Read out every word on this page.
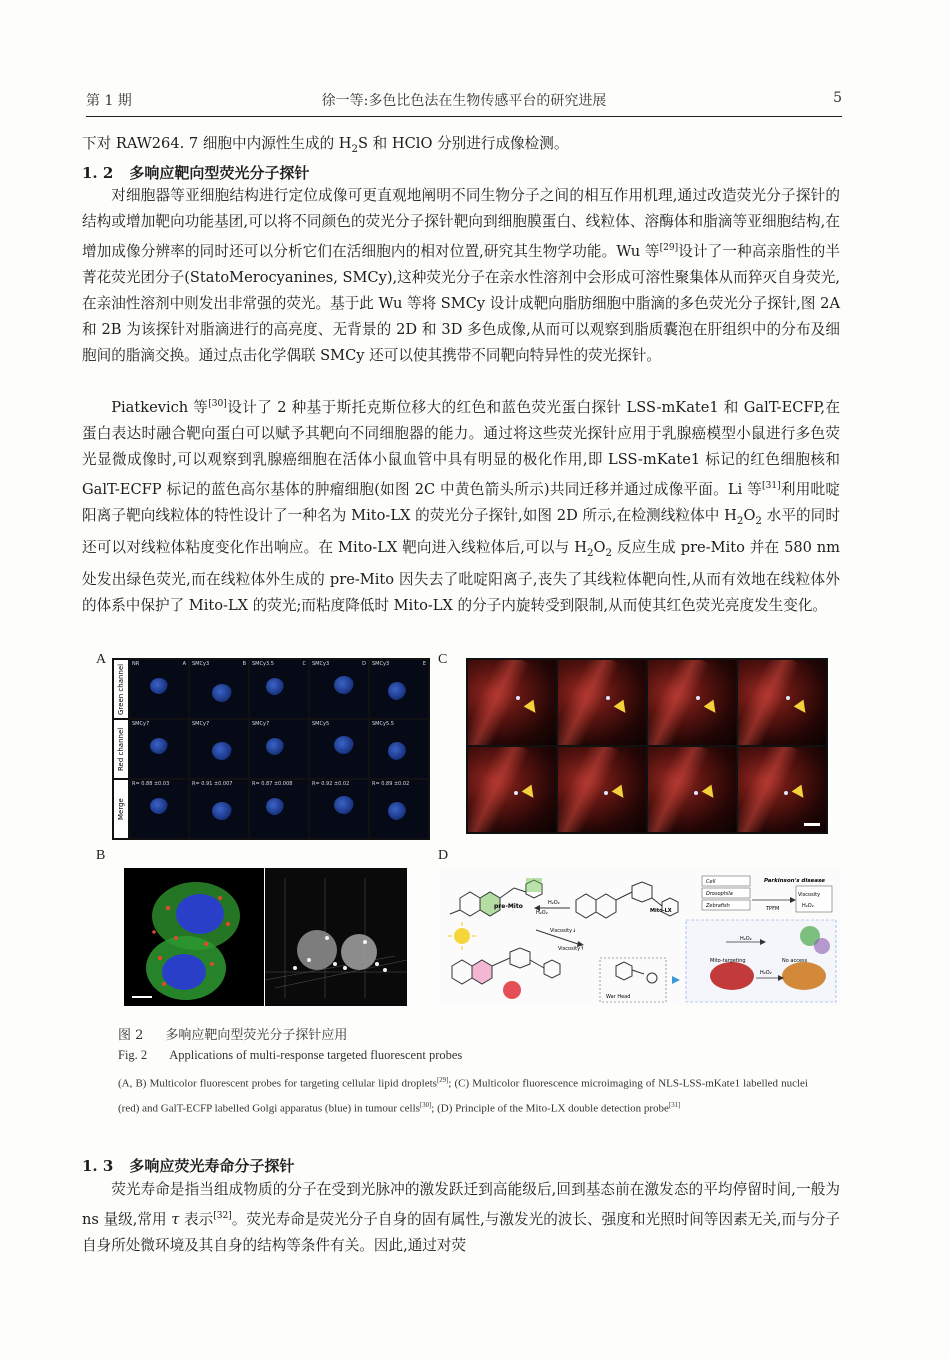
第 1 期	徐一等:多色比色法在生物传感平台的研究进展	5

下对 RAW264. 7 细胞中内源性生成的 $H_2S$ 和 HClO 分别进行成像检测。

1. 2 多响应靶向型荧光分子探针

对细胞器等亚细胞结构进行定位成像可更直观地阐明不同生物分子之间的相互作用机理,通过改造荧光分子探针的结构或增加靶向功能基团,可以将不同颜色的荧光分子探针靶向到细胞膜蛋白、线粒体、溶酶体和脂滴等亚细胞结构,在增加成像分辨率的同时还可以分析它们在活细胞内的相对位置,研究其生物学功能。Wu 等[29]设计了一种高亲脂性的半菁花荧光团分子(StatoMerocyanines, SMCy),这种荧光分子在亲水性溶剂中会形成可溶性聚集体从而猝灭自身荧光,在亲油性溶剂中则发出非常强的荧光。基于此 Wu 等将 SMCy 设计成靶向脂肪细胞中脂滴的多色荧光分子探针,图 2A 和 2B 为该探针对脂滴进行的高亮度、无背景的 2D 和 3D 多色成像,从而可以观察到脂质囊泡在肝组织中的分布及细胞间的脂滴交换。通过点击化学偶联 SMCy 还可以使其携带不同靶向特异性的荧光探针。

Piatkevich 等[30]设计了 2 种基于斯托克斯位移大的红色和蓝色荧光蛋白探针 LSS-mKate1 和 GalT-ECFP,在蛋白表达时融合靶向蛋白可以赋予其靶向不同细胞器的能力。通过将这些荧光探针应用于乳腺癌模型小鼠进行多色荧光显微成像时,可以观察到乳腺癌细胞在活体小鼠血管中具有明显的极化作用,即 LSS-mKate1 标记的红色细胞核和 GalT-ECFP 标记的蓝色高尔基体的肿瘤细胞(如图 2C 中黄色箭头所示)共同迁移并通过成像平面。Li 等[31]利用吡啶阳离子靶向线粒体的特性设计了一种名为 Mito-LX 的荧光分子探针,如图 2D 所示,在检测线粒体中 $H_2O_2$ 水平的同时还可以对线粒体粘度变化作出响应。在 Mito-LX 靶向进入线粒体后,可以与 $H_2O_2$ 反应生成 pre-Mito 并在 580 nm 处发出绿色荧光,而在线粒体外生成的 pre-Mito 因失去了吡啶阳离子,丧失了其线粒体靶向性,从而有效地在线粒体外的体系中保护了 Mito-LX 的荧光;而粘度降低时 Mito-LX 的分子内旋转受到限制,从而使其红色荧光亮度发生变化。

A	C
B	D
Green channel	NR	A SMCy3	B SMCy3.5	C SMCy3	D SMCy3	E
Red channel
SMCy7	SMCy7	SMCy7	SMCy5	SMCy5.5
Merge
R= 0.88 ±0.03	R= 0.91 ±0.007	R= 0.87 ±0.008	R= 0.92 ±0.02	R= 0.89 ±0.02
pre-Mito
H₂O₂
H₂O₂
Mito-LX
Viscosity↓
Viscosity↑
War Head
Cell
Drosophila
Zebrafish
Parkinson's disease
TPFM
Viscosity
H₂O₂
Mito-targeting	No access
H₂O₂
H₂O₂
图 2 多响应靶向型荧光分子探针应用
Fig. 2 Applications of multi-response targeted fluorescent probes

(A, B) Multicolor fluorescent probes for targeting cellular lipid droplets[29]; (C) Multicolor fluorescence microimaging of NLS-LSS-mKate1 labelled nuclei (red) and GalT-ECFP labelled Golgi apparatus (blue) in tumour cells[30]; (D) Principle of the Mito-LX double detection probe[31]

1. 3 多响应荧光寿命分子探针

荧光寿命是指当组成物质的分子在受到光脉冲的激发跃迁到高能级后,回到基态前在激发态的平均停留时间,一般为 ns 量级,常用 τ 表示[32]。荧光寿命是荧光分子自身的固有属性,与激发光的波长、强度和光照时间等因素无关,而与分子自身所处微环境及其自身的结构等条件有关。因此,通过对荧
